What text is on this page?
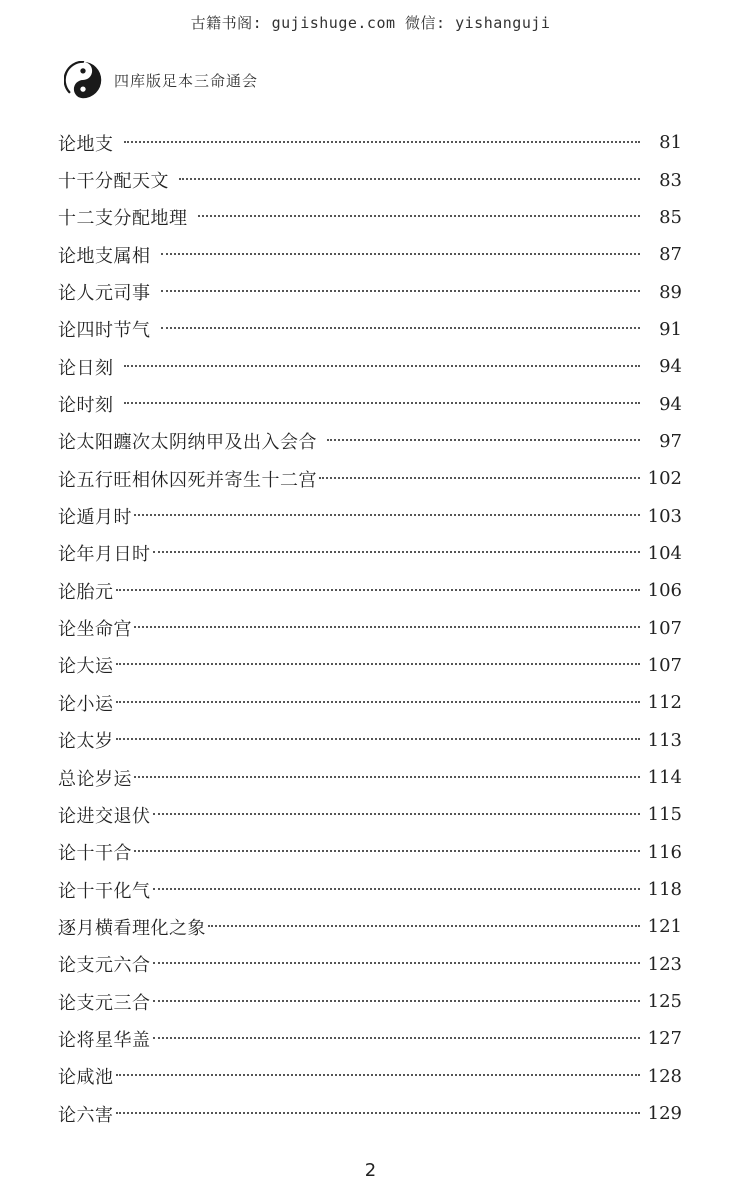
古籍书阁: gujishuge.com 微信: yishanguji
四库版足本三命通会
论地支	81
十干分配天文	83
十二支分配地理	85
论地支属相	87
论人元司事	89
论四时节气	91
论日刻	94
论时刻	94
论太阳躔次太阴纳甲及出入会合	97
论五行旺相休囚死并寄生十二宫	102
论遁月时	103
论年月日时	104
论胎元	106
论坐命宫	107
论大运	107
论小运	112
论太岁	113
总论岁运	114
论进交退伏	115
论十干合	116
论十干化气	118
逐月横看理化之象	121
论支元六合	123
论支元三合	125
论将星华盖	127
论咸池	128
论六害	129
2
